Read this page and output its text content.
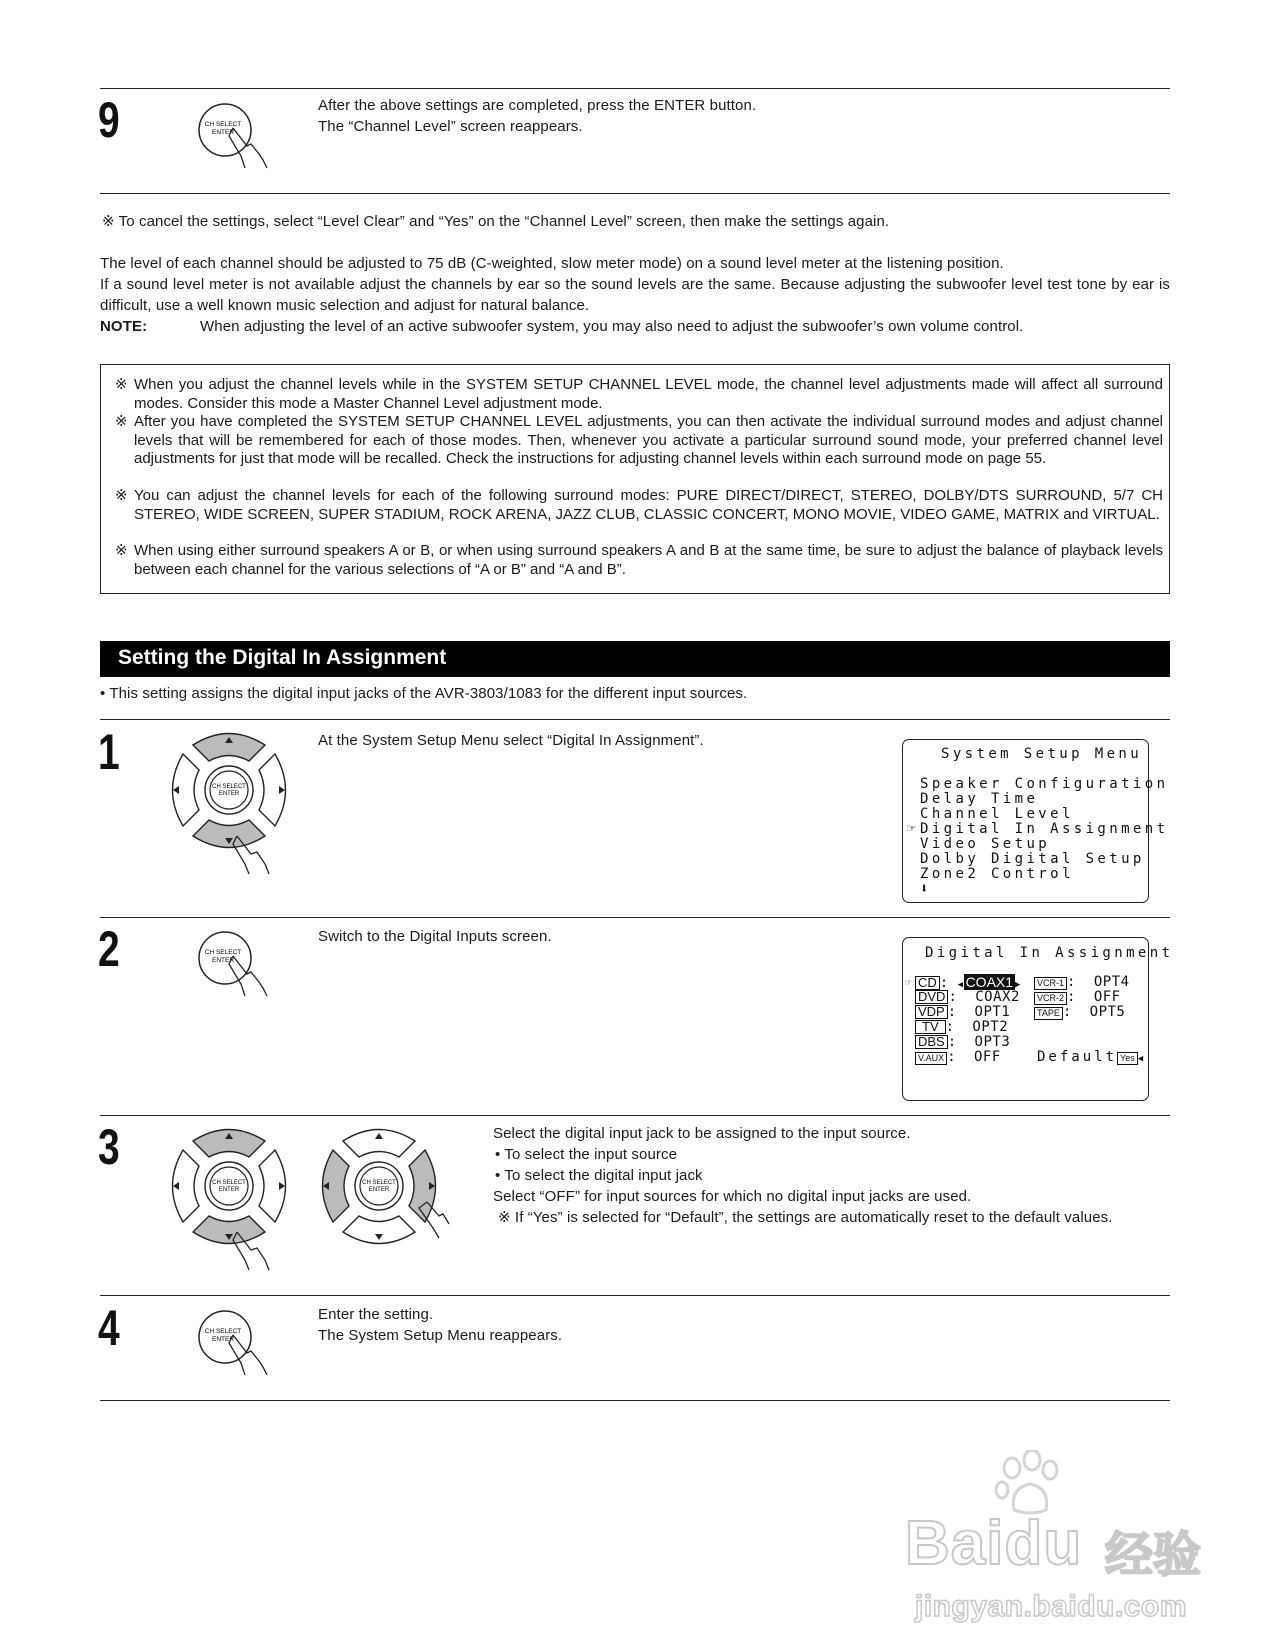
9	CH SELECT
ENTER
After the above settings are completed, press the ENTER button.
The “Channel Level” screen reappears.
※ To cancel the settings, select “Level Clear” and “Yes” on the “Channel Level” screen, then make the settings again.
The level of each channel should be adjusted to 75 dB (C-weighted, slow meter mode) on a sound level meter at the listening position.
If a sound level meter is not available adjust the channels by ear so the sound levels are the same. Because adjusting the subwoofer level test tone by ear is difficult, use a well known music selection and adjust for natural balance.
NOTE:	When adjusting the level of an active subwoofer system, you may also need to adjust the subwoofer’s own volume control.
※ When you adjust the channel levels while in the SYSTEM SETUP CHANNEL LEVEL mode, the channel level adjustments made will affect all surround modes. Consider this mode a Master Channel Level adjustment mode.
※ After you have completed the SYSTEM SETUP CHANNEL LEVEL adjustments, you can then activate the individual surround modes and adjust channel levels that will be remembered for each of those modes. Then, whenever you activate a particular surround sound mode, your preferred channel level adjustments for just that mode will be recalled. Check the instructions for adjusting channel levels within each surround mode on page 55.
※ You can adjust the channel levels for each of the following surround modes: PURE DIRECT/DIRECT, STEREO, DOLBY/DTS SURROUND, 5/7 CH STEREO, WIDE SCREEN, SUPER STADIUM, ROCK ARENA, JAZZ CLUB, CLASSIC CONCERT, MONO MOVIE, VIDEO GAME, MATRIX and VIRTUAL.
※ When using either surround speakers A or B, or when using surround speakers A and B at the same time, be sure to adjust the balance of playback levels between each channel for the various selections of “A or B” and “A and B”.
Setting the Digital In Assignment
• This setting assigns the digital input jacks of the AVR-3803/1083 for the different input sources.
1
CH SELECT
ENTER
At the System Setup Menu select “Digital In Assignment”.
System Setup Menu
Speaker Configuration
Delay Time
Channel Level
☞ Digital In Assignment
Video Setup
Dolby Digital Setup
Zone2 Control
⬇
2	CH SELECT
ENTER
Switch to the Digital Inputs screen.
Digital In Assignment
☞ CD : ◀ COAX1 ▶
DVD :  COAX2
VDP :  OPT1
TV :  OPT2
DBS :  OPT3
V.AUX :  OFF
VCR-1 :  OPT4
VCR-2 :  OFF
TAPE :  OPT5
Default Yes ◀
3
CH SELECT
ENTER
CH SELECT
ENTER
Select the digital input jack to be assigned to the input source.
• To select the input source
• To select the digital input jack
Select “OFF” for input sources for which no digital input jacks are used.
※ If “Yes” is selected for “Default”, the settings are automatically reset to the default values.
4	CH SELECT
ENTER
Enter the setting.
The System Setup Menu reappears.
Baidu 经验
jingyan.baidu.com
